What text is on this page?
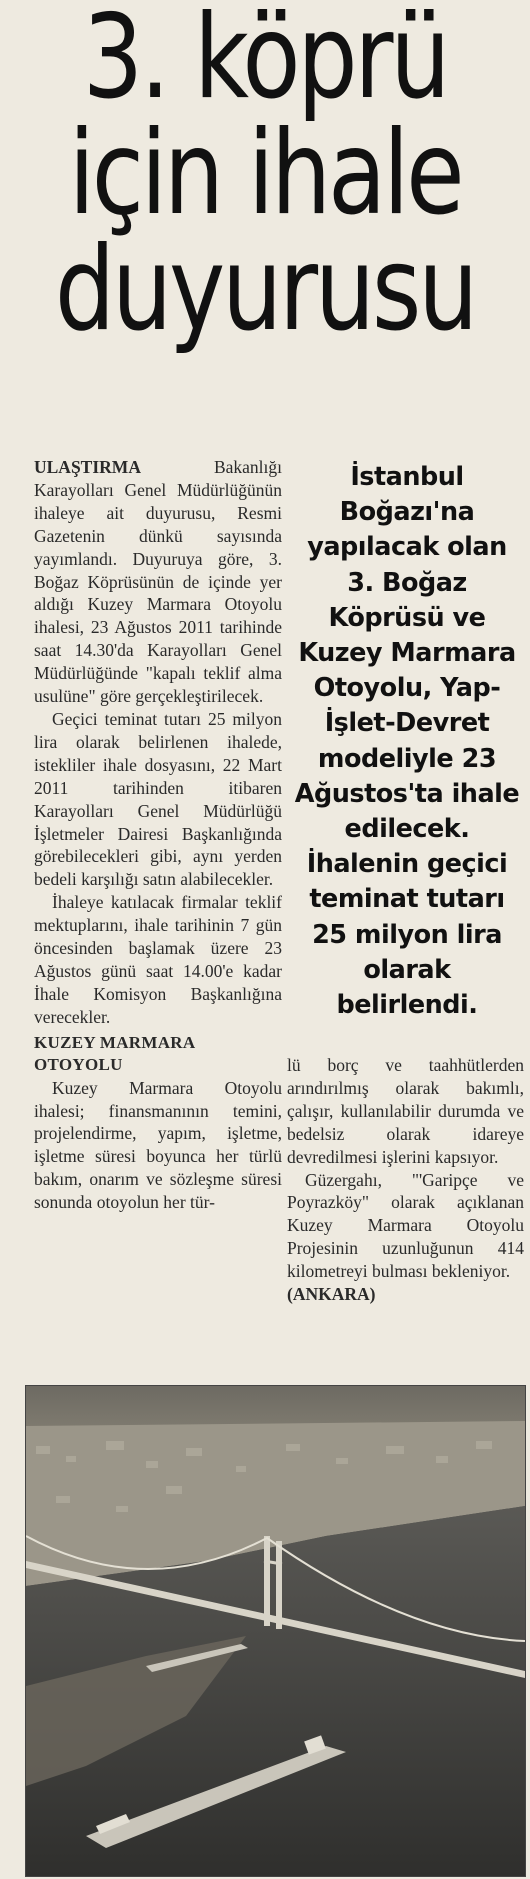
3. köprü
için ihale
duyurusu

ULAŞTIRMA Bakanlığı Karayolları Genel Müdürlüğünün ihaleye ait duyurusu, Resmi Gazetenin dünkü sayısında yayımlandı. Duyuruya göre, 3. Boğaz Köprüsünün de içinde yer aldığı Kuzey Marmara Otoyolu ihalesi, 23 Ağustos 2011 tarihinde saat 14.30'da Karayolları Genel Müdürlüğünde "kapalı teklif alma usulüne" göre gerçekleştirilecek.

Geçici teminat tutarı 25 milyon lira olarak belirlenen ihalede, istekliler ihale dosyasını, 22 Mart 2011 tarihinden itibaren Karayolları Genel Müdürlüğü İşletmeler Dairesi Başkanlığında görebilecekleri gibi, aynı yerden bedeli karşılığı satın alabilecekler.

İhaleye katılacak firmalar teklif mektuplarını, ihale tarihinin 7 gün öncesinden başlamak üzere 23 Ağustos günü saat 14.00'e kadar İhale Komisyon Başkanlığına verecekler.

KUZEY MARMARA
OTOYOLU

Kuzey Marmara Otoyolu ihalesi; finansmanının temini, projelendirme, yapım, işletme, işletme süresi boyunca her türlü bakım, onarım ve sözleşme süresi sonunda otoyolun her tür-

İstanbul
Boğazı'na
yapılacak olan
3. Boğaz
Köprüsü ve
Kuzey Marmara
Otoyolu, Yap-
İşlet-Devret
modeliyle 23
Ağustos'ta ihale
edilecek.
İhalenin geçici
teminat tutarı
25 milyon lira
olarak
belirlendi.

lü borç ve taahhütlerden arındırılmış olarak bakımlı, çalışır, kullanılabilir durumda ve bedelsiz olarak idareye devredilmesi işlerini kapsıyor.

Güzergahı, "'Garipçe ve Poyrazköy" olarak açıklanan Kuzey Marmara Otoyolu Projesinin uzunluğunun 414 kilometreyi bulması bekleniyor.

(ANKARA)
